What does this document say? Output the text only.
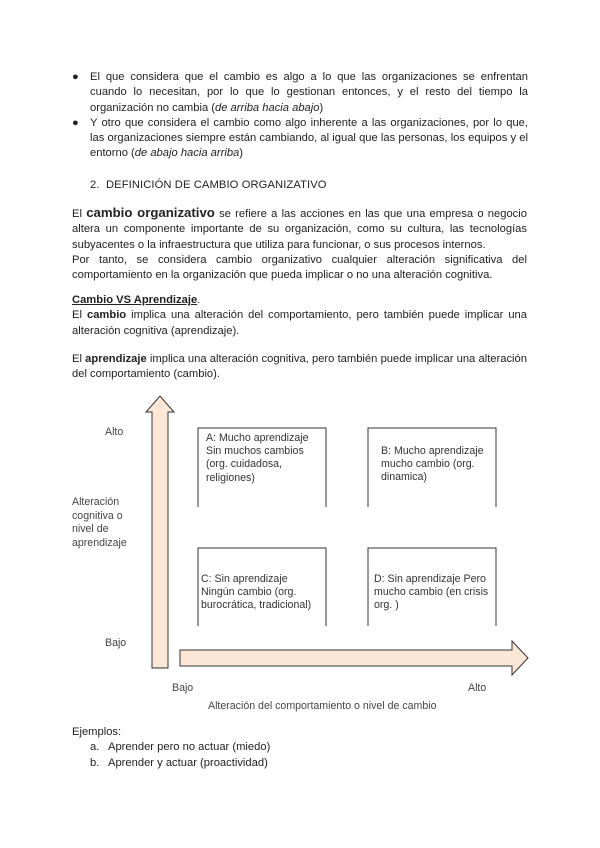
● El que considera que el cambio es algo a lo que las organizaciones se enfrentan cuando lo necesitan, por lo que lo gestionan entonces, y el resto del tiempo la organización no cambia (de arriba hacia abajo)
● Y otro que considera el cambio como algo inherente a las organizaciones, por lo que, las organizaciones siempre están cambiando, al igual que las personas, los equipos y el entorno (de abajo hacia arriba)
2. DEFINICIÓN DE CAMBIO ORGANIZATIVO
El cambio organizativo se refiere a las acciones en las que una empresa o negocio altera un componente importante de su organización, como su cultura, las tecnologías subyacentes o la infraestructura que utiliza para funcionar, o sus procesos internos.
Por tanto, se considera cambio organizativo cualquier alteración significativa del comportamiento en la organización que pueda implicar o no una alteración cognitiva.
Cambio VS Aprendizaje.
El cambio implica una alteración del comportamiento, pero también puede implicar una alteración cognitiva (aprendizaje).
El aprendizaje implica una alteración cognitiva, pero también puede implicar una alteración del comportamiento (cambio).
A: Mucho aprendizaje Sin muchos cambios (org. cuidadosa, religiones)
B: Mucho aprendizaje mucho cambio (org. dinamica)
C: Sin aprendizaje Ningún cambio (org. burocrática, tradicional)
D: Sin aprendizaje Pero mucho cambio (en crisis org. )
Alto
Bajo
Alteración cognitiva o nivel de aprendizaje
Bajo	Alto
Alteración del comportamiento o nivel de cambio
Ejemplos:
a. Aprender pero no actuar (miedo)
b. Aprender y actuar (proactividad)
